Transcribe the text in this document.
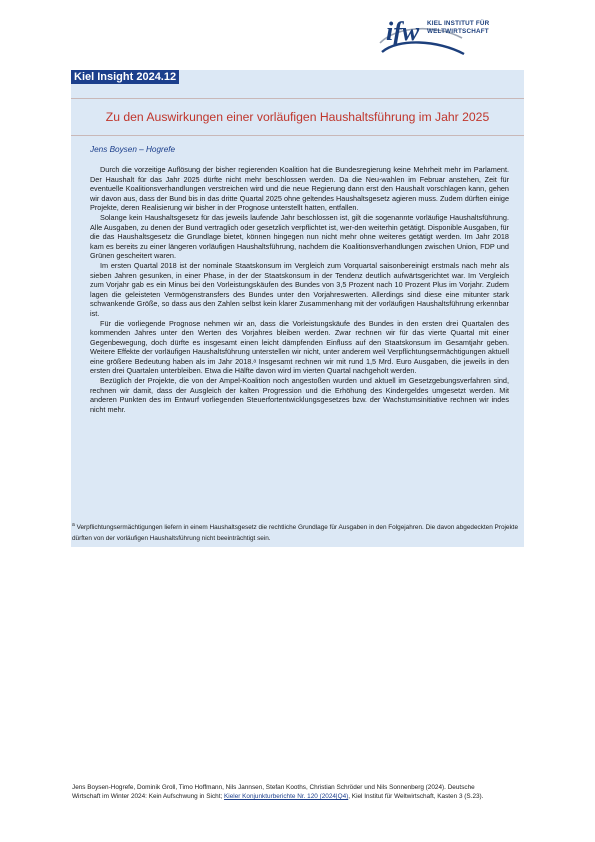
ifw KIEL INSTITUT FÜR
WELTWIRTSCHAFT
Kiel Insight 2024.12
Zu den Auswirkungen einer vorläufigen Haushaltsführung im Jahr 2025
Jens Boysen – Hogrefe

Durch die vorzeitige Auflösung der bisher regierenden Koalition hat die Bundesregierung keine Mehrheit mehr im Parlament. Der Haushalt für das Jahr 2025 dürfte nicht mehr beschlossen werden. Da die Neu-wahlen im Februar anstehen, Zeit für eventuelle Koalitionsverhandlungen verstreichen wird und die neue Regierung dann erst den Haushalt vorschlagen kann, gehen wir davon aus, dass der Bund bis in das dritte Quartal 2025 ohne geltendes Haushaltsgesetz agieren muss. Zudem dürften einige Projekte, deren Realisierung wir bisher in der Prognose unterstellt hatten, entfallen.

Solange kein Haushaltsgesetz für das jeweils laufende Jahr beschlossen ist, gilt die sogenannte vorläufige Haushaltsführung. Alle Ausgaben, zu denen der Bund vertraglich oder gesetzlich verpflichtet ist, wer-den weiterhin getätigt. Disponible Ausgaben, für die das Haushaltsgesetz die Grundlage bietet, können hingegen nun nicht mehr ohne weiteres getätigt werden. Im Jahr 2018 kam es bereits zu einer längeren vorläufigen Haushaltsführung, nachdem die Koalitionsverhandlungen zwischen Union, FDP und Grünen gescheitert waren.

Im ersten Quartal 2018 ist der nominale Staatskonsum im Vergleich zum Vorquartal saisonbereinigt erstmals nach mehr als sieben Jahren gesunken, in einer Phase, in der der Staatskonsum in der Tendenz deutlich aufwärtsgerichtet war. Im Vergleich zum Vorjahr gab es ein Minus bei den Vorleistungskäufen des Bundes von 3,5 Prozent nach 10 Prozent Plus im Vorjahr. Zudem lagen die geleisteten Vermögenstransfers des Bundes unter den Vorjahreswerten. Allerdings sind diese eine mitunter stark schwankende Größe, so dass aus den Zahlen selbst kein klarer Zusammenhang mit der vorläufigen Haushaltsführung erkennbar ist.

Für die vorliegende Prognose nehmen wir an, dass die Vorleistungskäufe des Bundes in den ersten drei Quartalen des kommenden Jahres unter den Werten des Vorjahres bleiben werden. Zwar rechnen wir für das vierte Quartal mit einer Gegenbewegung, doch dürfte es insgesamt einen leicht dämpfenden Einfluss auf den Staatskonsum im Gesamtjahr geben. Weitere Effekte der vorläufigen Haushaltsführung unterstellen wir nicht, unter anderem weil Verpflichtungsermächtigungen aktuell eine größere Bedeutung haben als im Jahr 2018.ᵃ Insgesamt rechnen wir mit rund 1,5 Mrd. Euro Ausgaben, die jeweils in den ersten drei Quartalen unterbleiben. Etwa die Hälfte davon wird im vierten Quartal nachgeholt werden.

Bezüglich der Projekte, die von der Ampel-Koalition noch angestoßen wurden und aktuell im Gesetzgebungsverfahren sind, rechnen wir damit, dass der Ausgleich der kalten Progression und die Erhöhung des Kindergeldes umgesetzt werden. Mit anderen Punkten des im Entwurf vorliegenden Steuerfortentwicklungsgesetzes bzw. der Wachstumsinitiative rechnen wir indes nicht mehr.

$^a$ Verpflichtungsermächtigungen liefern in einem Haushaltsgesetz die rechtliche Grundlage für Ausgaben in den Folgejahren. Die davon abgedeckten Projekte dürften von der vorläufigen Haushaltsführung nicht beeinträchtigt sein.
Jens Boysen-Hogrefe, Dominik Groll, Timo Hoffmann, Nils Jannsen, Stefan Kooths, Christian Schröder und Nils Sonnenberg (2024). Deutsche Wirtschaft im Winter 2024: Kein Aufschwung in Sicht; Kieler Konjunkturberichte Nr. 120 (2024|Q4), Kiel Institut für Weltwirtschaft, Kasten 3 (S.23).
